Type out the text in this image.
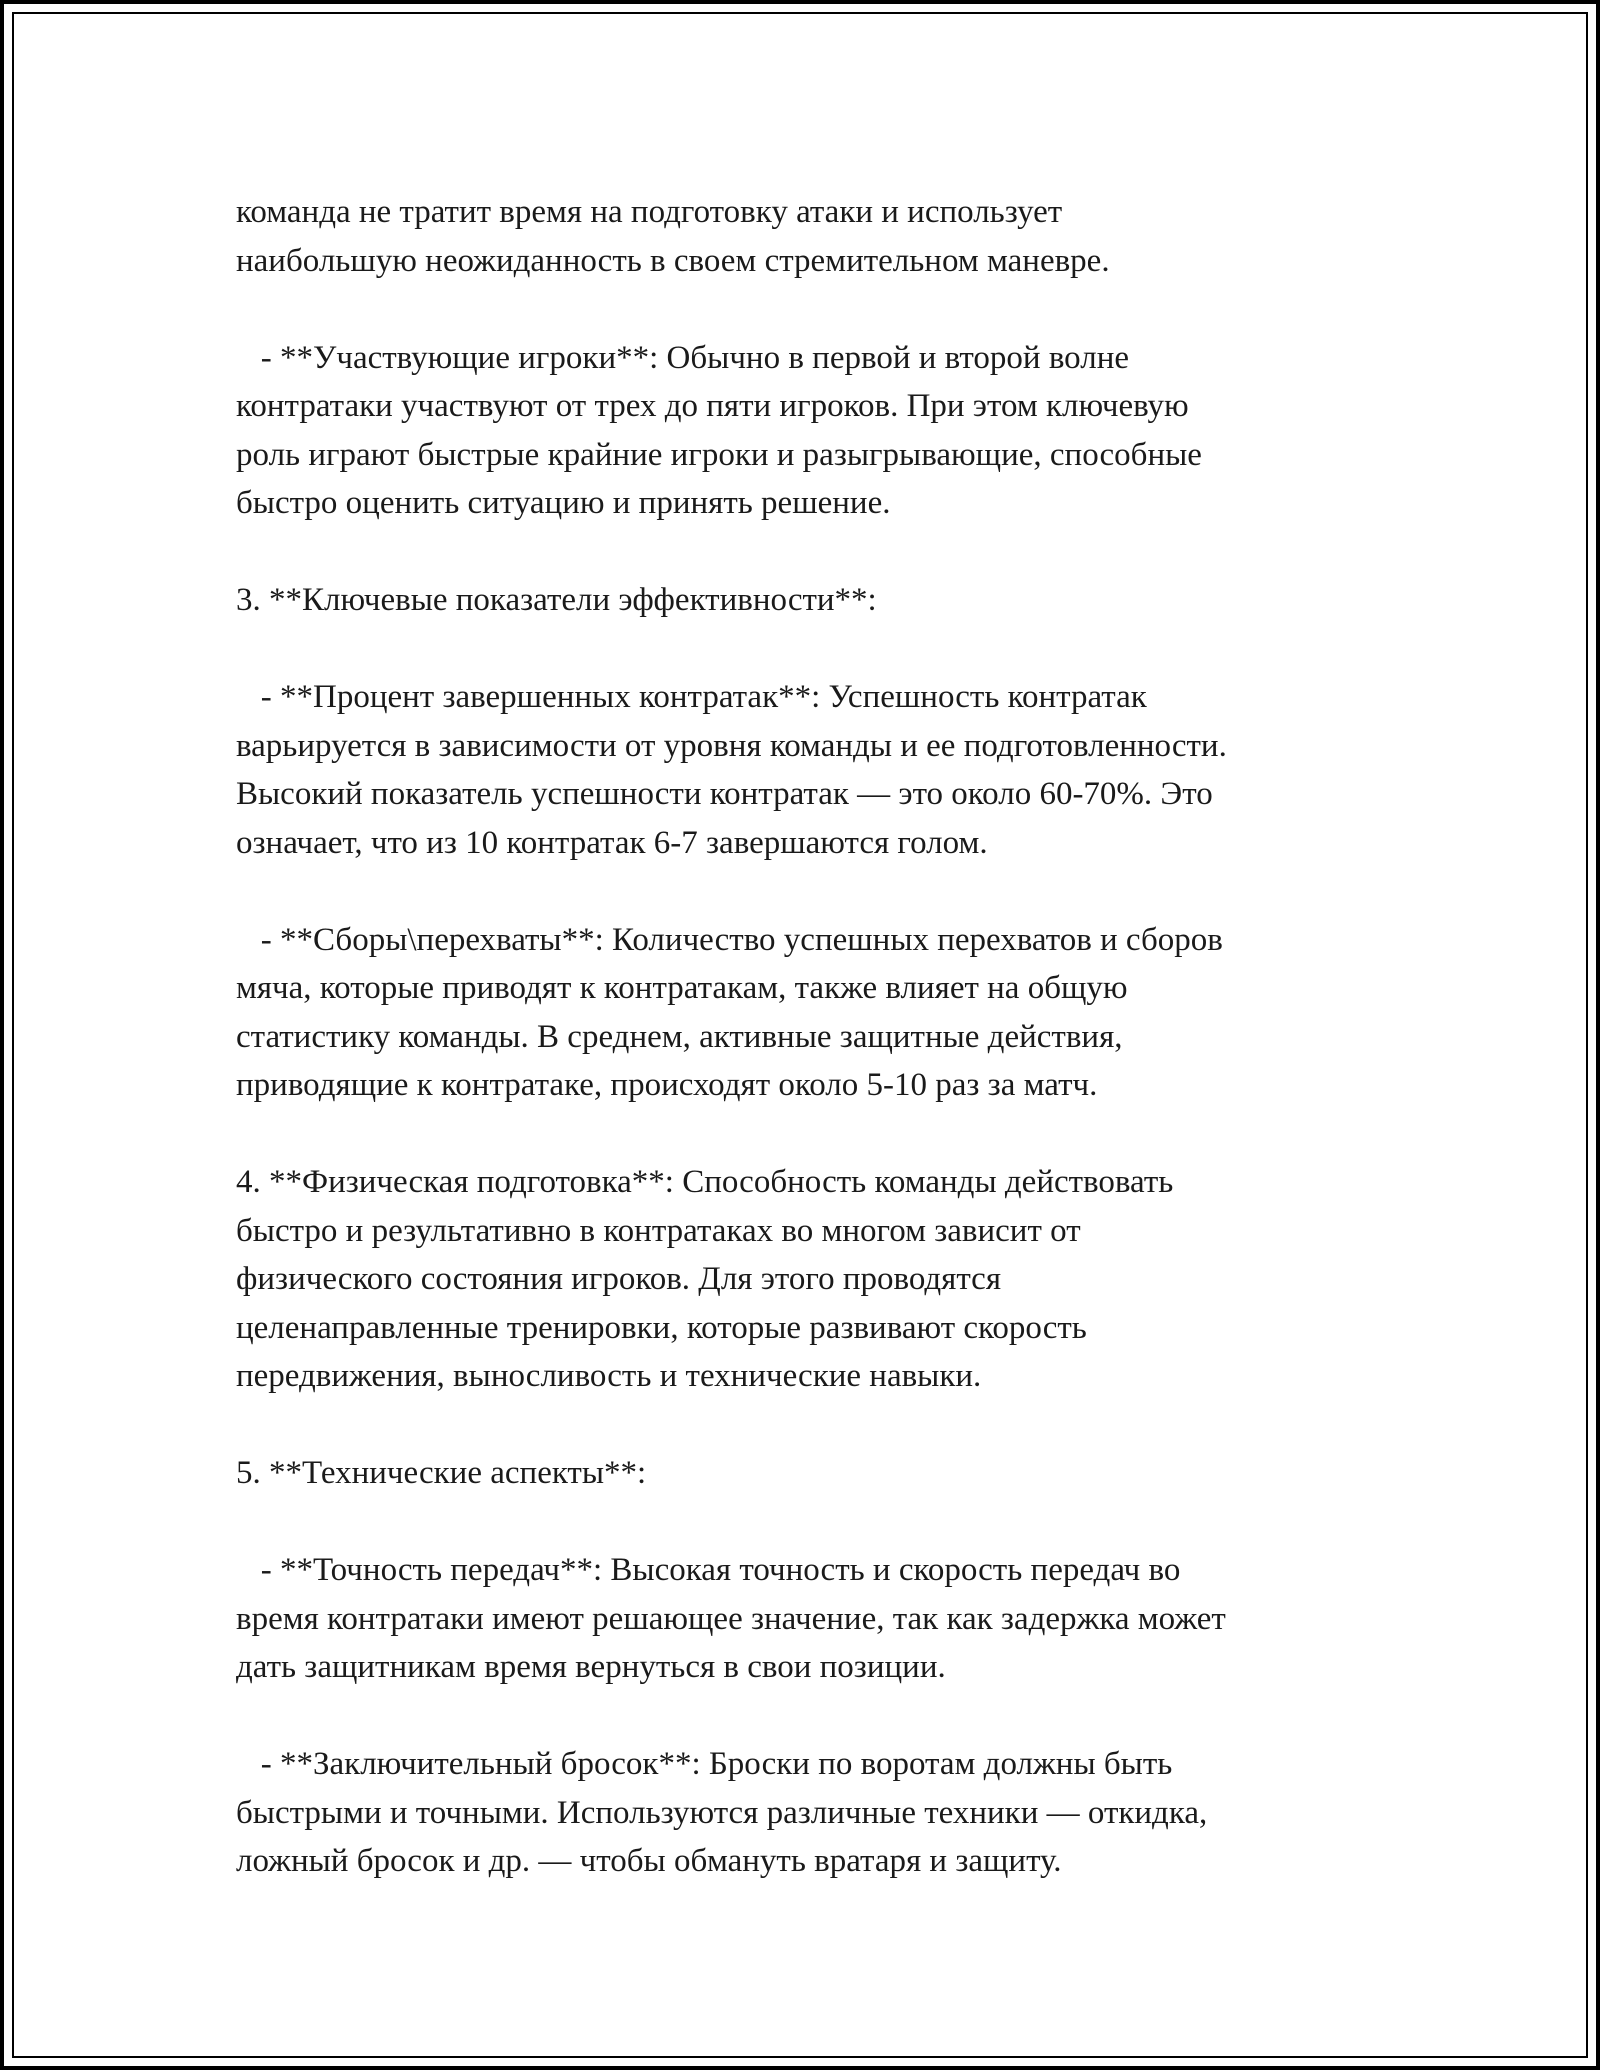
команда не тратит время на подготовку атаки и использует
наибольшую неожиданность в своем стремительном маневре.
- **Участвующие игроки**: Обычно в первой и второй волне
контратаки участвуют от трех до пяти игроков. При этом ключевую
роль играют быстрые крайние игроки и разыгрывающие, способные
быстро оценить ситуацию и принять решение.
3. **Ключевые показатели эффективности**:
- **Процент завершенных контратак**: Успешность контратак
варьируется в зависимости от уровня команды и ее подготовленности.
Высокий показатель успешности контратак — это около 60-70%. Это
означает, что из 10 контратак 6-7 завершаются голом.
- **Сборы\перехваты**: Количество успешных перехватов и сборов
мяча, которые приводят к контратакам, также влияет на общую
статистику команды. В среднем, активные защитные действия,
приводящие к контратаке, происходят около 5-10 раз за матч.
4. **Физическая подготовка**: Способность команды действовать
быстро и результативно в контратаках во многом зависит от
физического состояния игроков. Для этого проводятся
целенаправленные тренировки, которые развивают скорость
передвижения, выносливость и технические навыки.
5. **Технические аспекты**:
- **Точность передач**: Высокая точность и скорость передач во
время контратаки имеют решающее значение, так как задержка может
дать защитникам время вернуться в свои позиции.
- **Заключительный бросок**: Броски по воротам должны быть
быстрыми и точными. Используются различные техники — откидка,
ложный бросок и др. — чтобы обмануть вратаря и защиту.
